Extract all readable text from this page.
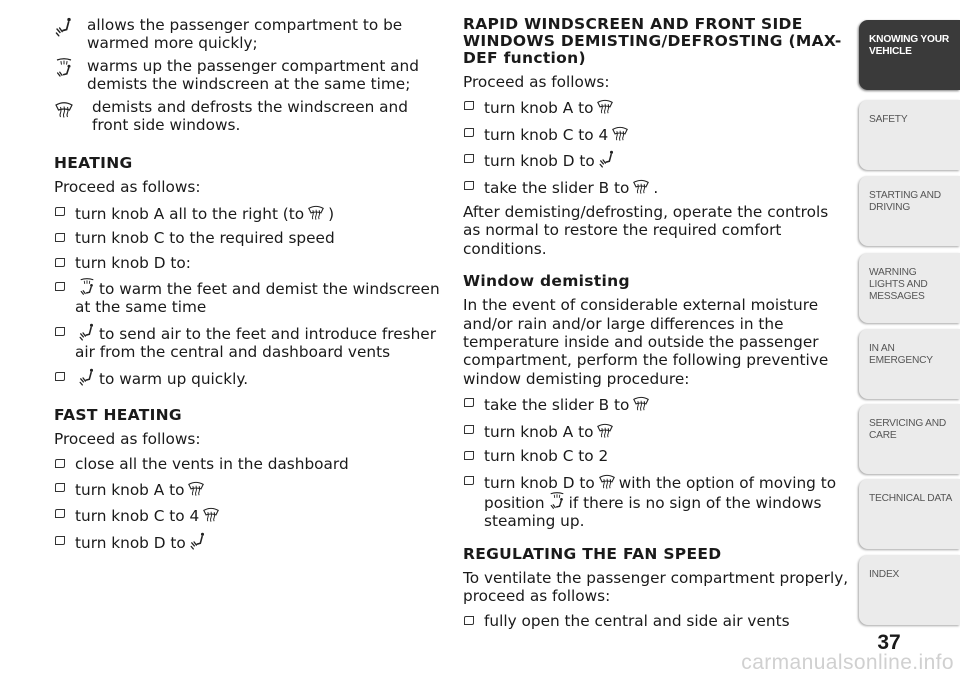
allows the passenger compartment to be warmed more quickly;
warms up the passenger compartment and demists the windscreen at the same time;
demists and defrosts the windscreen and front side windows.
HEATING

Proceed as follows:

turn knob A all to the right (to )
turn knob C to the required speed
turn knob D to:
to warm the feet and demist the windscreen at the same time
to send air to the feet and introduce fresher air from the central and dashboard vents
to warm up quickly.
FAST HEATING

Proceed as follows:

close all the vents in the dashboard
turn knob A to
turn knob C to 4
turn knob D to
RAPID WINDSCREEN AND FRONT SIDE WINDOWS DEMISTING/DEFROSTING (MAX-DEF function)

Proceed as follows:

turn knob A to
turn knob C to 4
turn knob D to
take the slider B to .

After demisting/defrosting, operate the controls as normal to restore the required comfort conditions.

Window demisting

In the event of considerable external moisture and/or rain and/or large differences in the temperature inside and outside the passenger compartment, perform the following preventive window demisting procedure:

take the slider B to
turn knob A to
turn knob C to 2
turn knob D to with the option of moving to position if there is no sign of the windows steaming up.
REGULATING THE FAN SPEED

To ventilate the passenger compartment properly, proceed as follows:

fully open the central and side air vents
KNOWING YOUR VEHICLE
SAFETY
STARTING AND DRIVING
WARNING LIGHTS AND MESSAGES
IN AN EMERGENCY
SERVICING AND CARE
TECHNICAL DATA
INDEX
37
carmanualsonline.info
